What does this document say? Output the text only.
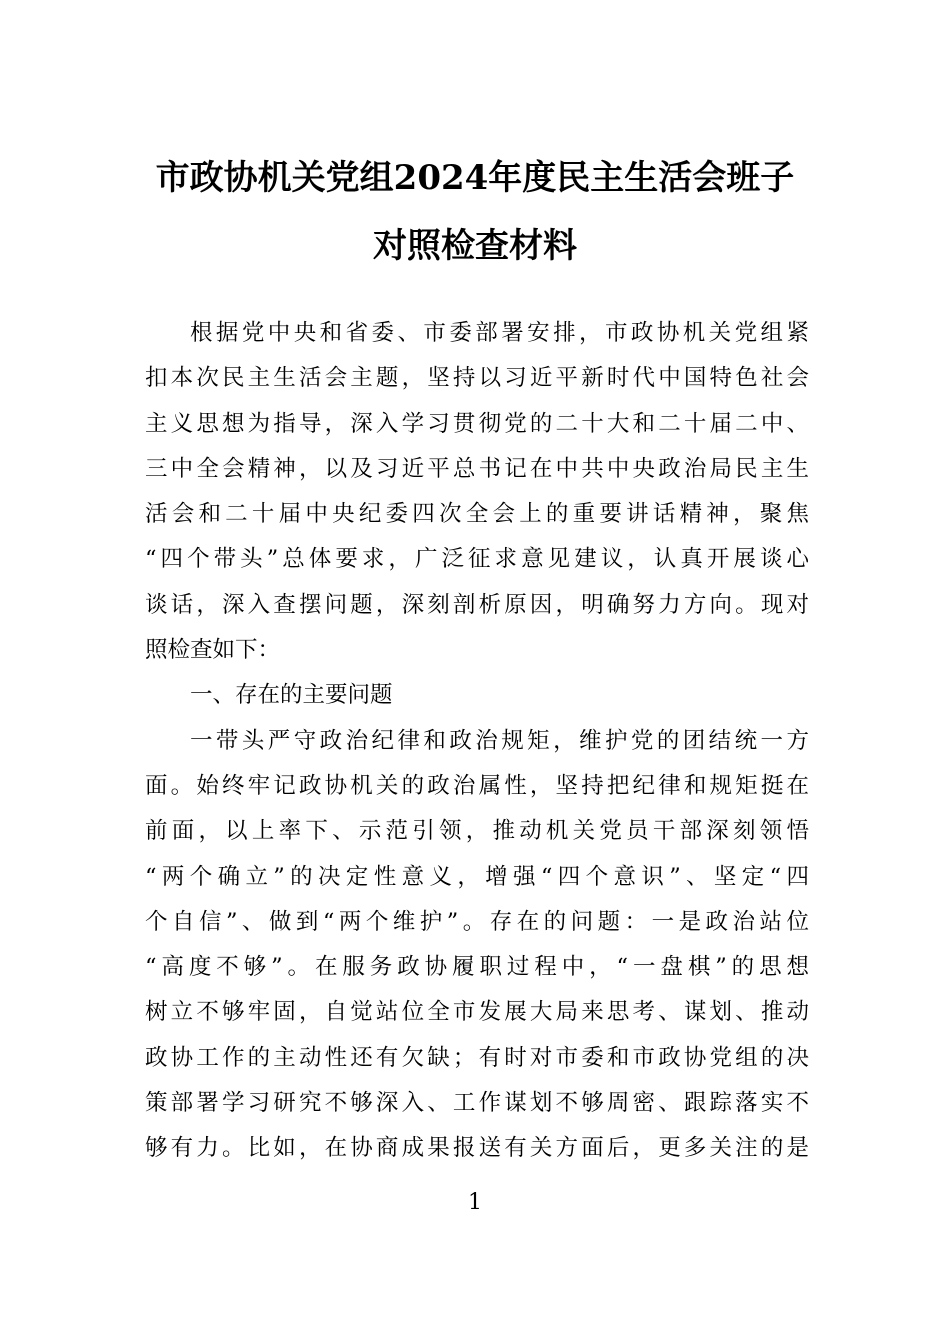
市政协机关党组2024年度民主生活会班子
对照检查材料
根据党中央和省委、市委部署安排，市政协机关党组紧
扣本次民主生活会主题，坚持以习近平新时代中国特色社会
主义思想为指导，深入学习贯彻党的二十大和二十届二中、
三中全会精神，以及习近平总书记在中共中央政治局民主生
活会和二十届中央纪委四次全会上的重要讲话精神，聚焦
“四个带头”总体要求，广泛征求意见建议，认真开展谈心
谈话，深入查摆问题，深刻剖析原因，明确努力方向。现对
照检查如下：
一、存在的主要问题
一带头严守政治纪律和政治规矩，维护党的团结统一方
面。始终牢记政协机关的政治属性，坚持把纪律和规矩挺在
前面，以上率下、示范引领，推动机关党员干部深刻领悟
“两个确立”的决定性意义，增强“四个意识”、坚定“四
个自信”、做到“两个维护”。存在的问题：一是政治站位
“高度不够”。在服务政协履职过程中，“一盘棋”的思想
树立不够牢固，自觉站位全市发展大局来思考、谋划、推动
政协工作的主动性还有欠缺；有时对市委和市政协党组的决
策部署学习研究不够深入、工作谋划不够周密、跟踪落实不
够有力。比如，在协商成果报送有关方面后，更多关注的是
1
